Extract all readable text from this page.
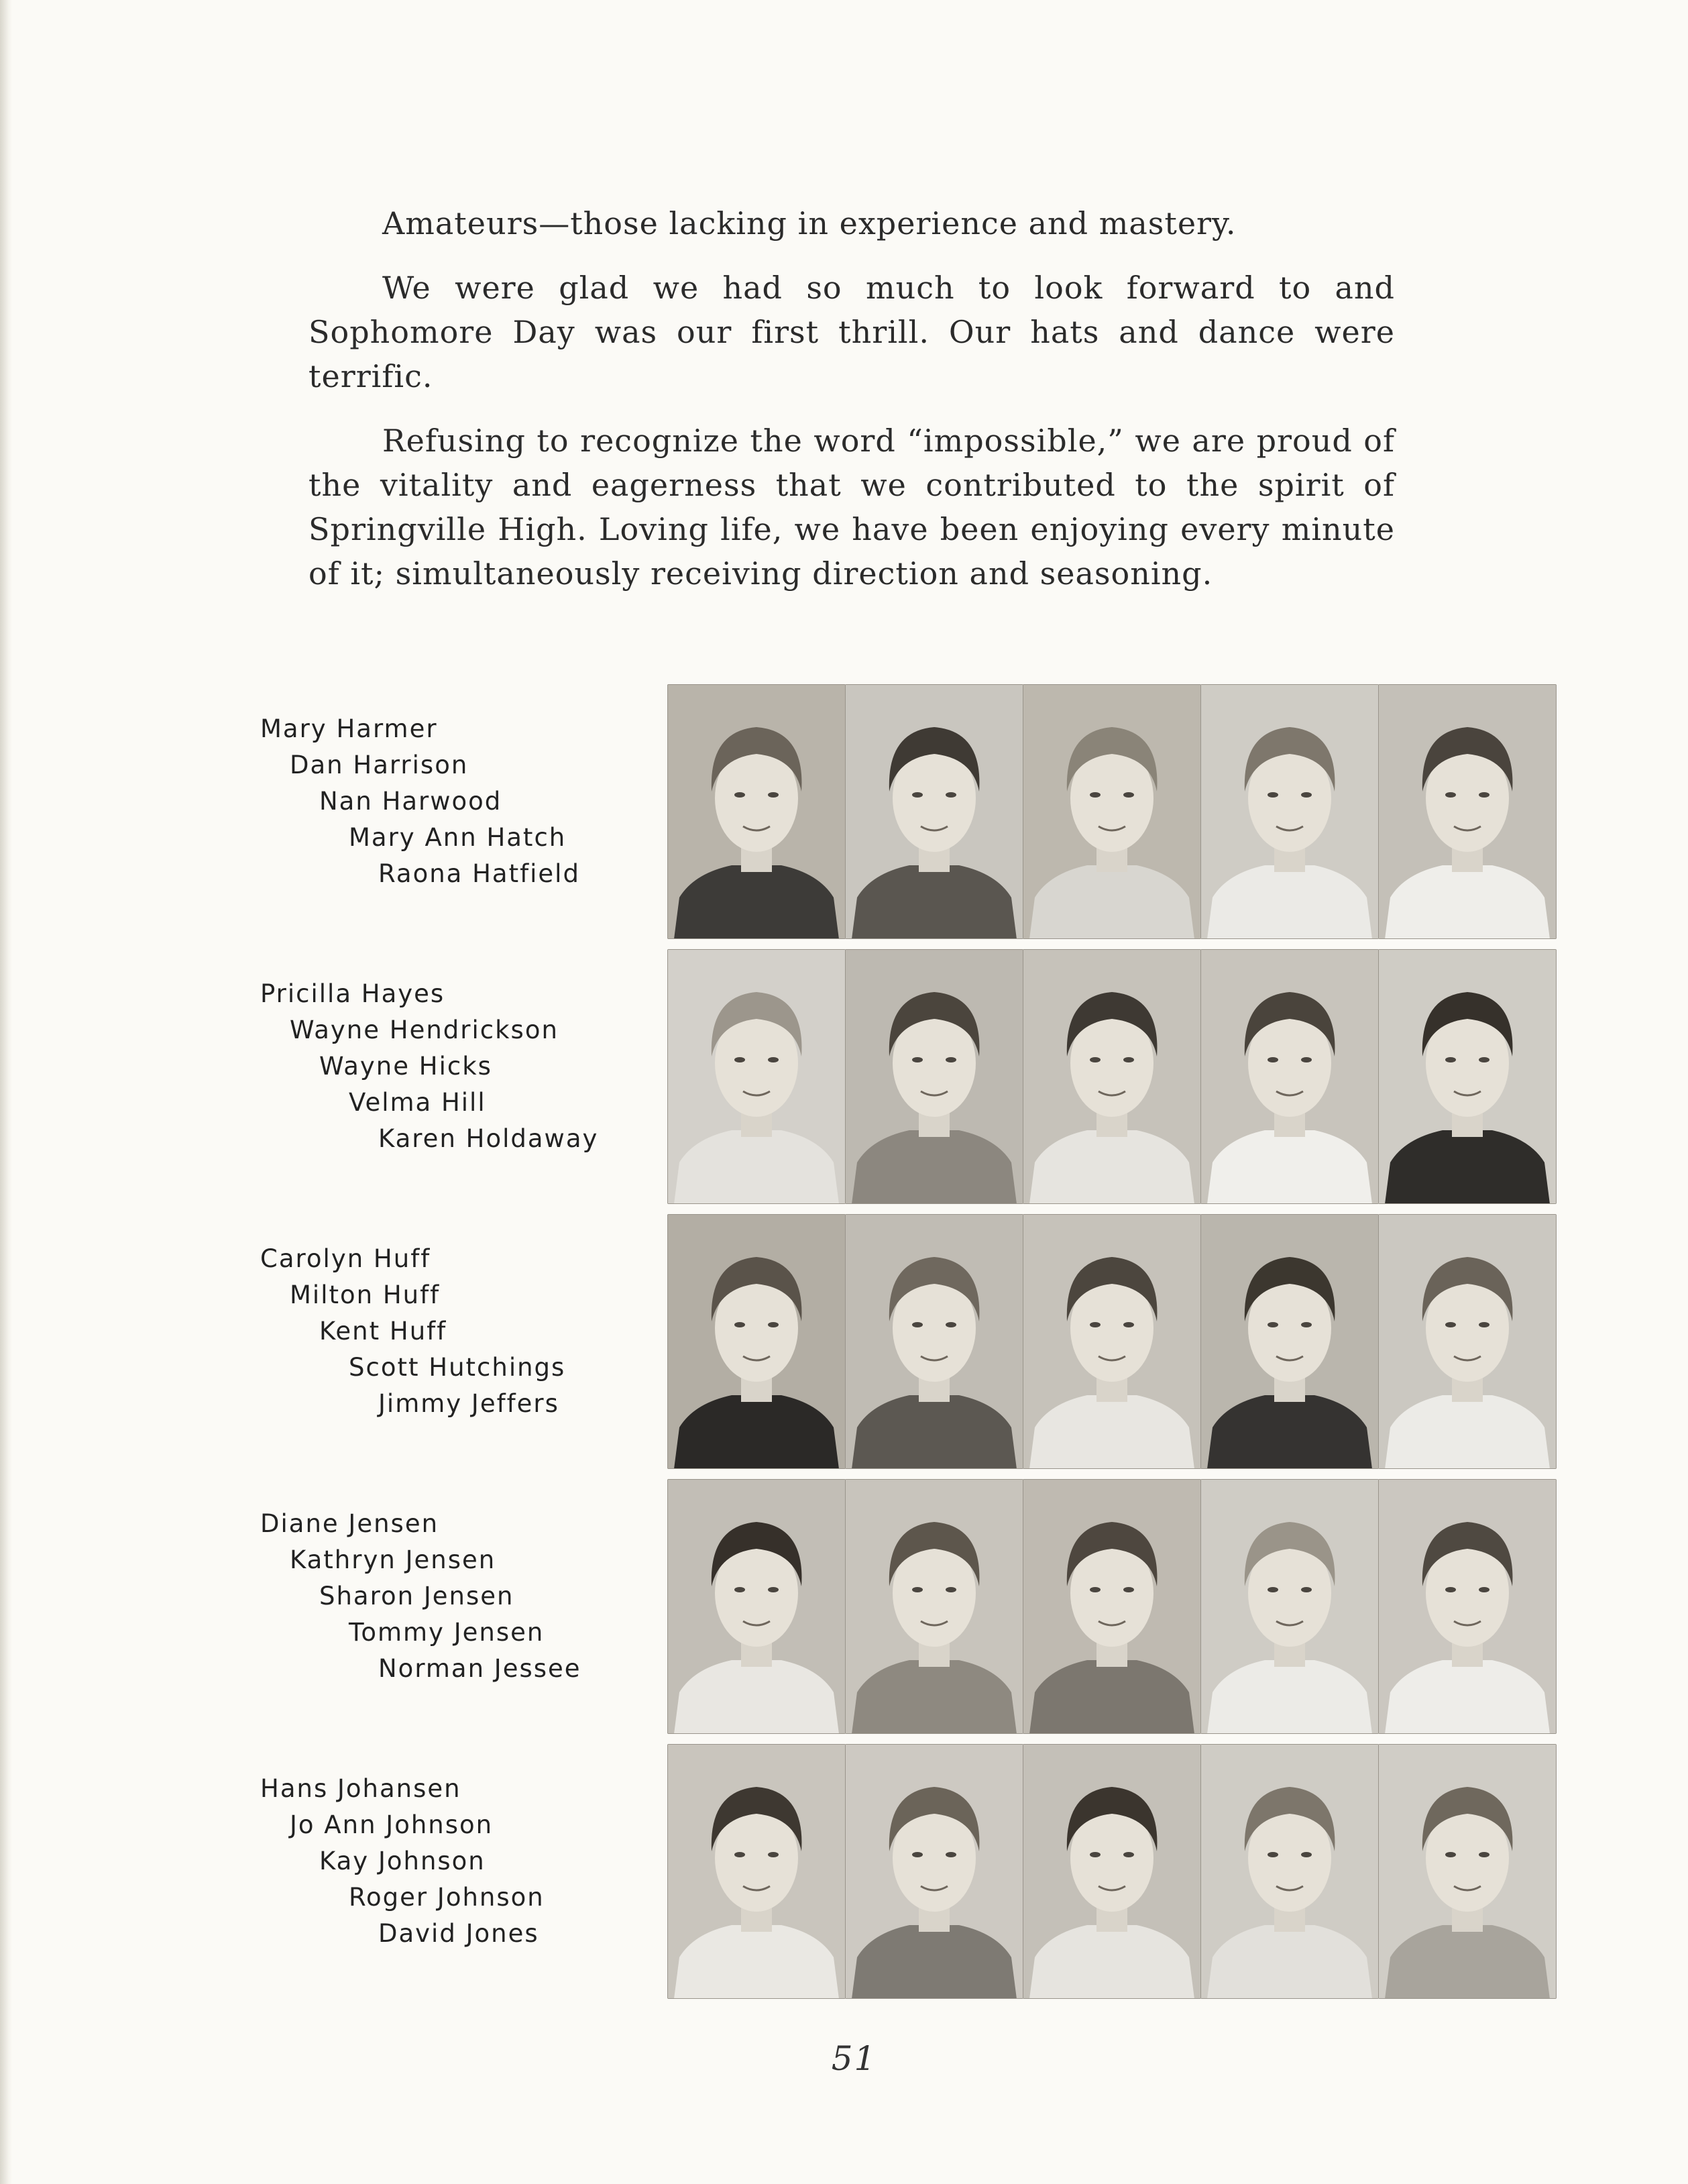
Amateurs—those lacking in experience and mastery.

We were glad we had so much to look forward to and Sophomore Day was our first thrill. Our hats and dance were terrific.

Refusing to recognize the word “impossible,” we are proud of the vitality and eagerness that we contributed to the spirit of Springville High. Loving life, we have been enjoying every minute of it; simultaneously receiving direction and seasoning.

Mary Harmer
Dan Harrison
Nan Harwood
Mary Ann Hatch
Raona Hatfield
Pricilla Hayes
Wayne Hendrickson
Wayne Hicks
Velma Hill
Karen Holdaway
Carolyn Huff
Milton Huff
Kent Huff
Scott Hutchings
Jimmy Jeffers
Diane Jensen
Kathryn Jensen
Sharon Jensen
Tommy Jensen
Norman Jessee
Hans Johansen
Jo Ann Johnson
Kay Johnson
Roger Johnson
David Jones
51
